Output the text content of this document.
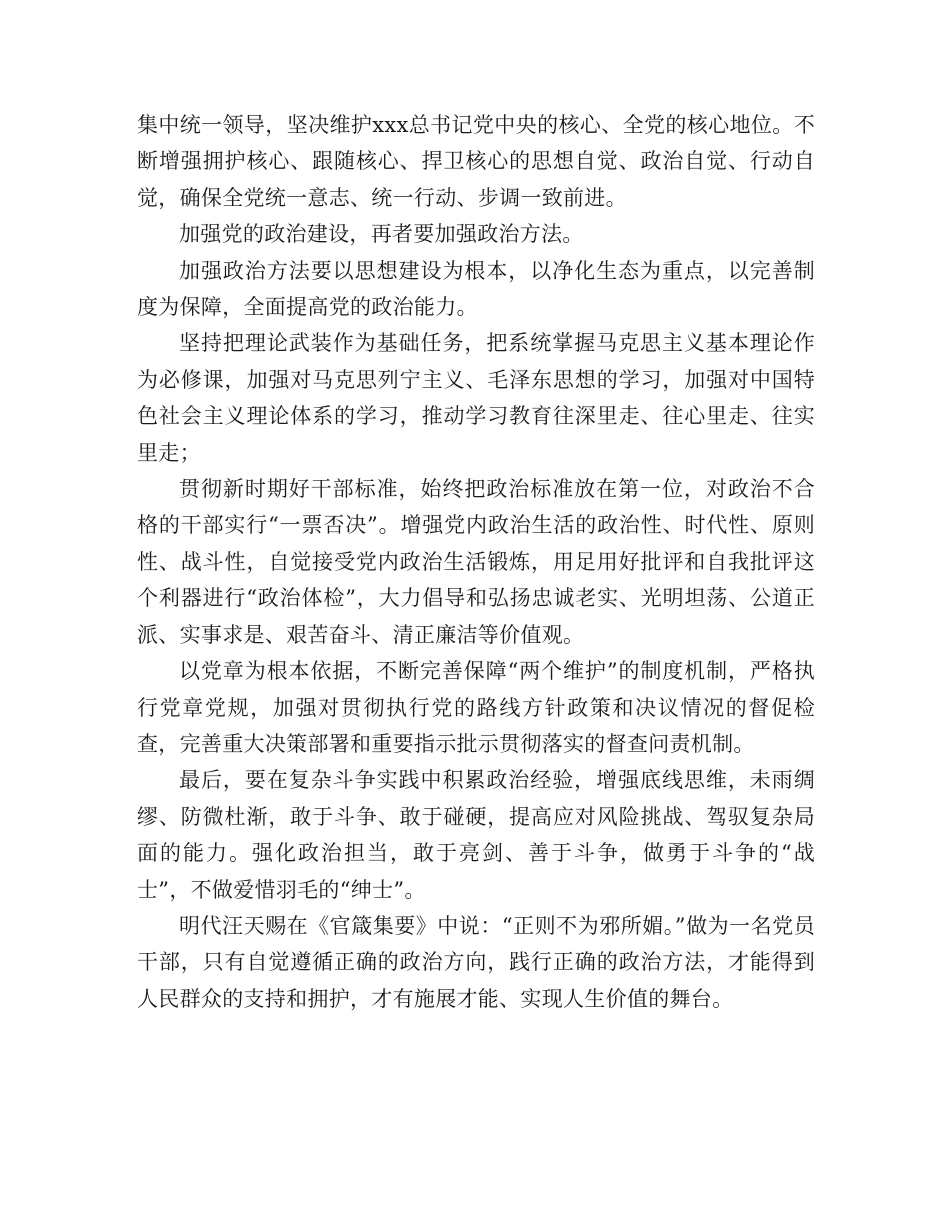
集中统一领导，坚决维护xxx总书记党中央的核心、全党的核心地位。不断增强拥护核心、跟随核心、捍卫核心的思想自觉、政治自觉、行动自觉，确保全党统一意志、统一行动、步调一致前进。

加强党的政治建设，再者要加强政治方法。

加强政治方法要以思想建设为根本，以净化生态为重点，以完善制度为保障，全面提高党的政治能力。

坚持把理论武装作为基础任务，把系统掌握马克思主义基本理论作为必修课，加强对马克思列宁主义、毛泽东思想的学习，加强对中国特色社会主义理论体系的学习，推动学习教育往深里走、往心里走、往实里走；

贯彻新时期好干部标准，始终把政治标准放在第一位，对政治不合格的干部实行“一票否决”。增强党内政治生活的政治性、时代性、原则性、战斗性，自觉接受党内政治生活锻炼，用足用好批评和自我批评这个利器进行“政治体检”，大力倡导和弘扬忠诚老实、光明坦荡、公道正派、实事求是、艰苦奋斗、清正廉洁等价值观。

以党章为根本依据，不断完善保障“两个维护”的制度机制，严格执行党章党规，加强对贯彻执行党的路线方针政策和决议情况的督促检查，完善重大决策部署和重要指示批示贯彻落实的督查问责机制。

最后，要在复杂斗争实践中积累政治经验，增强底线思维，未雨绸缪、防微杜渐，敢于斗争、敢于碰硬，提高应对风险挑战、驾驭复杂局面的能力。强化政治担当，敢于亮剑、善于斗争，做勇于斗争的“战士”，不做爱惜羽毛的“绅士”。

明代汪天赐在《官箴集要》中说：“正则不为邪所媚。”做为一名党员干部，只有自觉遵循正确的政治方向，践行正确的政治方法，才能得到人民群众的支持和拥护，才有施展才能、实现人生价值的舞台。
